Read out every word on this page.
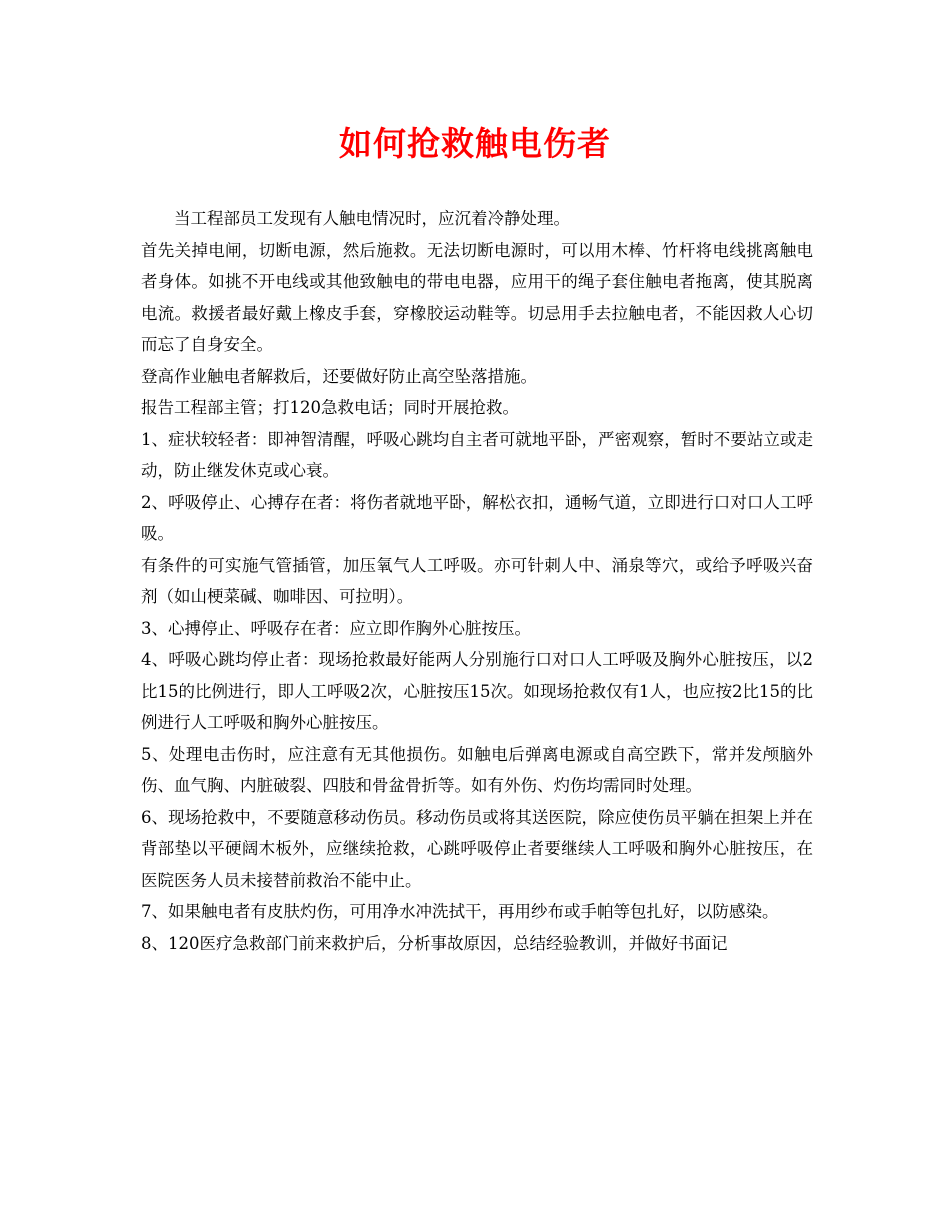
如何抢救触电伤者

当工程部员工发现有人触电情况时，应沉着冷静处理。

首先关掉电闸，切断电源，然后施救。无法切断电源时，可以用木棒、竹杆将电线挑离触电者身体。如挑不开电线或其他致触电的带电电器，应用干的绳子套住触电者拖离，使其脱离电流。救援者最好戴上橡皮手套，穿橡胶运动鞋等。切忌用手去拉触电者，不能因救人心切而忘了自身安全。

登高作业触电者解救后，还要做好防止高空坠落措施。

报告工程部主管；打120急救电话；同时开展抢救。

1、症状较轻者：即神智清醒，呼吸心跳均自主者可就地平卧，严密观察，暂时不要站立或走动，防止继发休克或心衰。

2、呼吸停止、心搏存在者：将伤者就地平卧，解松衣扣，通畅气道，立即进行口对口人工呼吸。

有条件的可实施气管插管，加压氧气人工呼吸。亦可针刺人中、涌泉等穴，或给予呼吸兴奋剂（如山梗菜碱、咖啡因、可拉明）。

3、心搏停止、呼吸存在者：应立即作胸外心脏按压。

4、呼吸心跳均停止者：现场抢救最好能两人分别施行口对口人工呼吸及胸外心脏按压，以2比15的比例进行，即人工呼吸2次，心脏按压15次。如现场抢救仅有1人，也应按2比15的比例进行人工呼吸和胸外心脏按压。

5、处理电击伤时，应注意有无其他损伤。如触电后弹离电源或自高空跌下，常并发颅脑外伤、血气胸、内脏破裂、四肢和骨盆骨折等。如有外伤、灼伤均需同时处理。

6、现场抢救中，不要随意移动伤员。移动伤员或将其送医院，除应使伤员平躺在担架上并在背部垫以平硬阔木板外，应继续抢救，心跳呼吸停止者要继续人工呼吸和胸外心脏按压，在医院医务人员未接替前救治不能中止。

7、如果触电者有皮肤灼伤，可用净水冲洗拭干，再用纱布或手帕等包扎好，以防感染。

8、120医疗急救部门前来救护后，分析事故原因，总结经验教训，并做好书面记
